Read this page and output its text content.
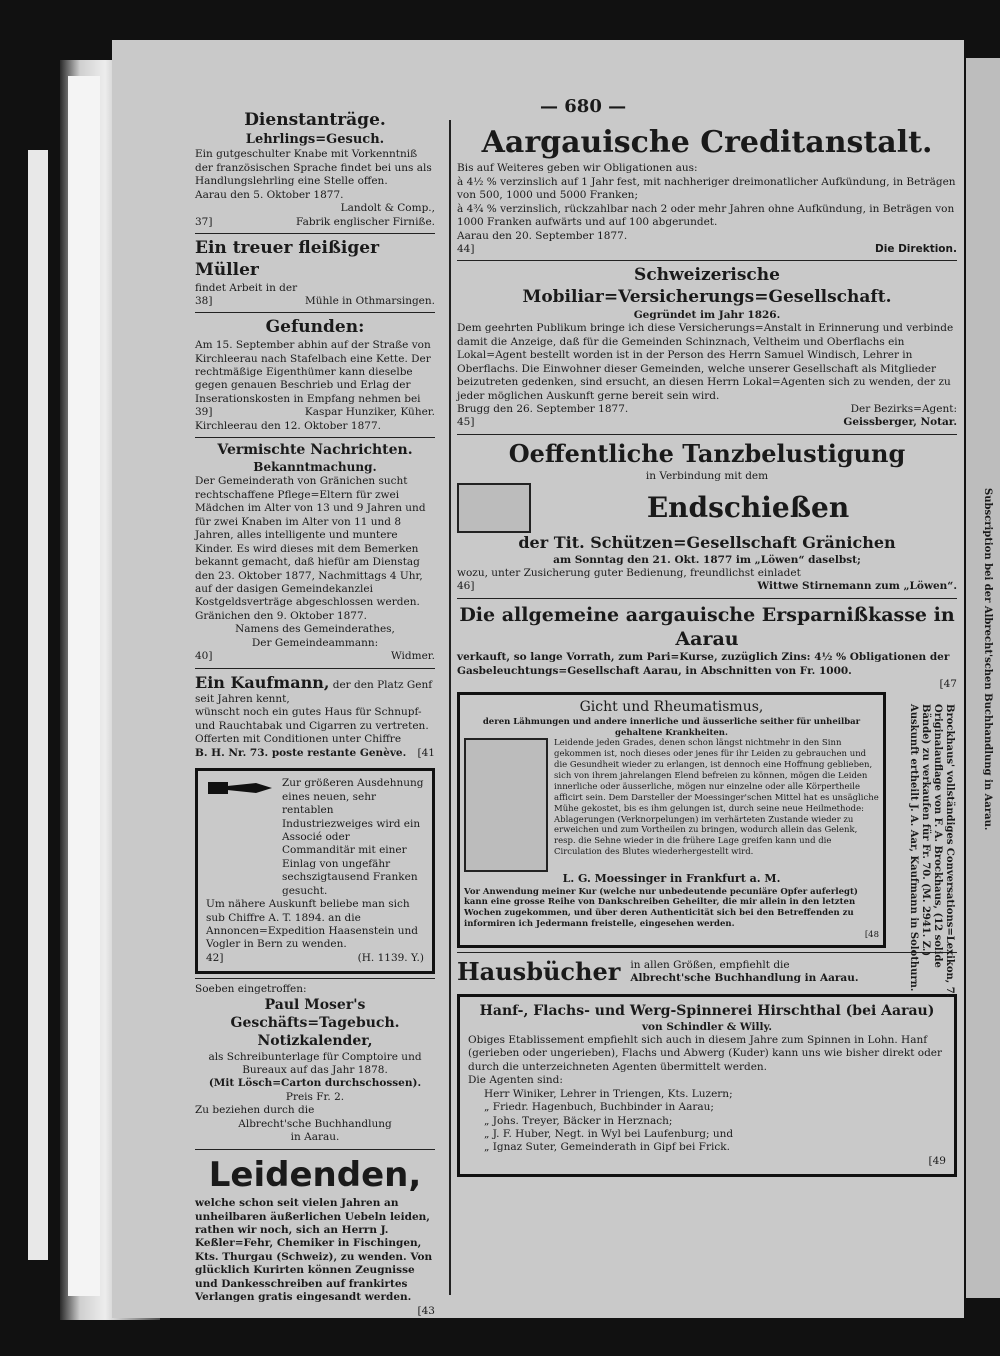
Subscription bei der Albrecht'schen Buchhandlung in Aarau.
— 680 —
Dienstanträge.
Lehrlings=Gesuch.
Ein gutgeschulter Knabe mit Vorkenntniß der französischen Sprache findet bei uns als Handlungslehrling eine Stelle offen.
Aarau den 5. Oktober 1877.
Landolt & Comp.,
37]	Fabrik englischer Firniße.
Ein treuer fleißiger Müller
findet Arbeit in der
38]	Mühle in Othmarsingen.
Gefunden:
Am 15. September abhin auf der Straße von Kirchleerau nach Stafelbach eine Kette. Der rechtmäßige Eigenthümer kann dieselbe gegen genauen Beschrieb und Erlag der Inserationskosten in Empfang nehmen bei
39]	Kaspar Hunziker, Küher.
Kirchleerau den 12. Oktober 1877.
Vermischte Nachrichten.
Bekanntmachung.
Der Gemeinderath von Gränichen sucht rechtschaffene Pflege=Eltern für zwei Mädchen im Alter von 13 und 9 Jahren und für zwei Knaben im Alter von 11 und 8 Jahren, alles intelligente und muntere Kinder. Es wird dieses mit dem Bemerken bekannt gemacht, daß hiefür am Dienstag den 23. Oktober 1877, Nachmittags 4 Uhr, auf der dasigen Gemeindekanzlei Kostgeldsverträge abgeschlossen werden.
Gränichen den 9. Oktober 1877.
Namens des Gemeinderathes,
Der Gemeindeammann:
40]	Widmer.
Ein Kaufmann, der den Platz Genf seit Jahren kennt,
wünscht noch ein gutes Haus für Schnupf- und Rauchtabak und Cigarren zu vertreten. Offerten mit Conditionen unter Chiffre
B. H. Nr. 73. poste restante Genève. [41
Zur größeren Ausdehnung eines neuen, sehr rentablen Industriezweiges wird ein Associé oder Commanditär mit einer Einlag von ungefähr sechszigtausend Franken gesucht.
Um nähere Auskunft beliebe man sich sub Chiffre A. T. 1894. an die Annoncen=Expedition Haasenstein und Vogler in Bern zu wenden.
42]	(H. 1139. Y.)
Soeben eingetroffen:
Paul Moser's Geschäfts=Tagebuch.
Notizkalender,
als Schreibunterlage für Comptoire und Bureaux auf das Jahr 1878.
(Mit Lösch=Carton durchschossen).
Preis Fr. 2.
Zu beziehen durch die
Albrecht'sche Buchhandlung
in Aarau.
Leidenden,
welche schon seit vielen Jahren an unheilbaren äußerlichen Uebeln leiden, rathen wir noch, sich an Herrn J. Keßler=Fehr, Chemiker in Fischingen, Kts. Thurgau (Schweiz), zu wenden. Von glücklich Kurirten können Zeugnisse und Dankesschreiben auf frankirtes Verlangen gratis eingesandt werden.
[43
Aargauische Creditanstalt.
Bis auf Weiteres geben wir Obligationen aus:
à 4½ % verzinslich auf 1 Jahr fest, mit nachheriger dreimonatlicher Aufkündung, in Beträgen von 500, 1000 und 5000 Franken;
à 4¾ % verzinslich, rückzahlbar nach 2 oder mehr Jahren ohne Aufkündung, in Beträgen von 1000 Franken aufwärts und auf 100 abgerundet.
Aarau den 20. September 1877.
44]	Die Direktion.
Schweizerische Mobiliar=Versicherungs=Gesellschaft.
Gegründet im Jahr 1826.
Dem geehrten Publikum bringe ich diese Versicherungs=Anstalt in Erinnerung und verbinde damit die Anzeige, daß für die Gemeinden Schinznach, Veltheim und Oberflachs ein Lokal=Agent bestellt worden ist in der Person des Herrn Samuel Windisch, Lehrer in Oberflachs. Die Einwohner dieser Gemeinden, welche unserer Gesellschaft als Mitglieder beizutreten gedenken, sind ersucht, an diesen Herrn Lokal=Agenten sich zu wenden, der zu jeder möglichen Auskunft gerne bereit sein wird.
Brugg den 26. September 1877.	Der Bezirks=Agent:
45]	Geissberger, Notar.
Oeffentliche Tanzbelustigung
in Verbindung mit dem
Endschießen
der Tit. Schützen=Gesellschaft Gränichen
am Sonntag den 21. Okt. 1877 im „Löwen“ daselbst;
wozu, unter Zusicherung guter Bedienung, freundlichst einladet
46]	Wittwe Stirnemann zum „Löwen“.
Die allgemeine aargauische Ersparnißkasse in Aarau
verkauft, so lange Vorrath, zum Pari=Kurse, zuzüglich Zins: 4½ % Obligationen der Gasbeleuchtungs=Gesellschaft Aarau, in Abschnitten von Fr. 1000.
[47
Gicht und Rheumatismus,
deren Lähmungen und andere innerliche und äusserliche seither für unheilbar gehaltene Krankheiten.
Leidende jeden Grades, denen schon längst nichtmehr in den Sinn gekommen ist, noch dieses oder jenes für ihr Leiden zu gebrauchen und die Gesundheit wieder zu erlangen, ist dennoch eine Hoffnung geblieben, sich von ihrem jahrelangen Elend befreien zu können, mögen die Leiden innerliche oder äusserliche, mögen nur einzelne oder alle Körpertheile afficirt sein. Dem Darsteller der Moessinger'schen Mittel hat es unsägliche Mühe gekostet, bis es ihm gelungen ist, durch seine neue Heilmethode: Ablagerungen (Verknorpelungen) im verhärteten Zustande wieder zu erweichen und zum Vortheilen zu bringen, wodurch allein das Gelenk, resp. die Sehne wieder in die frühere Lage greifen kann und die Circulation des Blutes wiederhergestellt wird.
L. G. Moessinger in Frankfurt a. M.
Vor Anwendung meiner Kur (welche nur unbedeutende pecuniäre Opfer auferlegt) kann eine grosse Reihe von Dankschreiben Geheilter, die mir allein in den letzten Wochen zugekommen, und über deren Authenticität sich bei den Betreffenden zu informiren ich Jedermann freistelle, eingesehen werden.
[48	Brockhaus' vollständiges Conversations=Lexikon, 7. Originalauflage von F. A. Brockhaus, (12 solide Bände) zu verkaufen für Fr. 70. (M. 2941. Z.) Auskunft ertheilt J. A. Aar, Kaufmann in Solothurn.
Hausbücher in allen Größen, empfiehlt die
Albrecht'sche Buchhandlung in Aarau.
Hanf-, Flachs- und Werg-Spinnerei Hirschthal (bei Aarau)
von Schindler & Willy.
Obiges Etablissement empfiehlt sich auch in diesem Jahre zum Spinnen in Lohn. Hanf (gerieben oder ungerieben), Flachs und Abwerg (Kuder) kann uns wie bisher direkt oder durch die unterzeichneten Agenten übermittelt werden.
Die Agenten sind:
Herr Winiker, Lehrer in Triengen, Kts. Luzern;
„ Friedr. Hagenbuch, Buchbinder in Aarau;
„ Johs. Treyer, Bäcker in Herznach;
„ J. F. Huber, Negt. in Wyl bei Laufenburg; und
„ Ignaz Suter, Gemeinderath in Gipf bei Frick.
[49
